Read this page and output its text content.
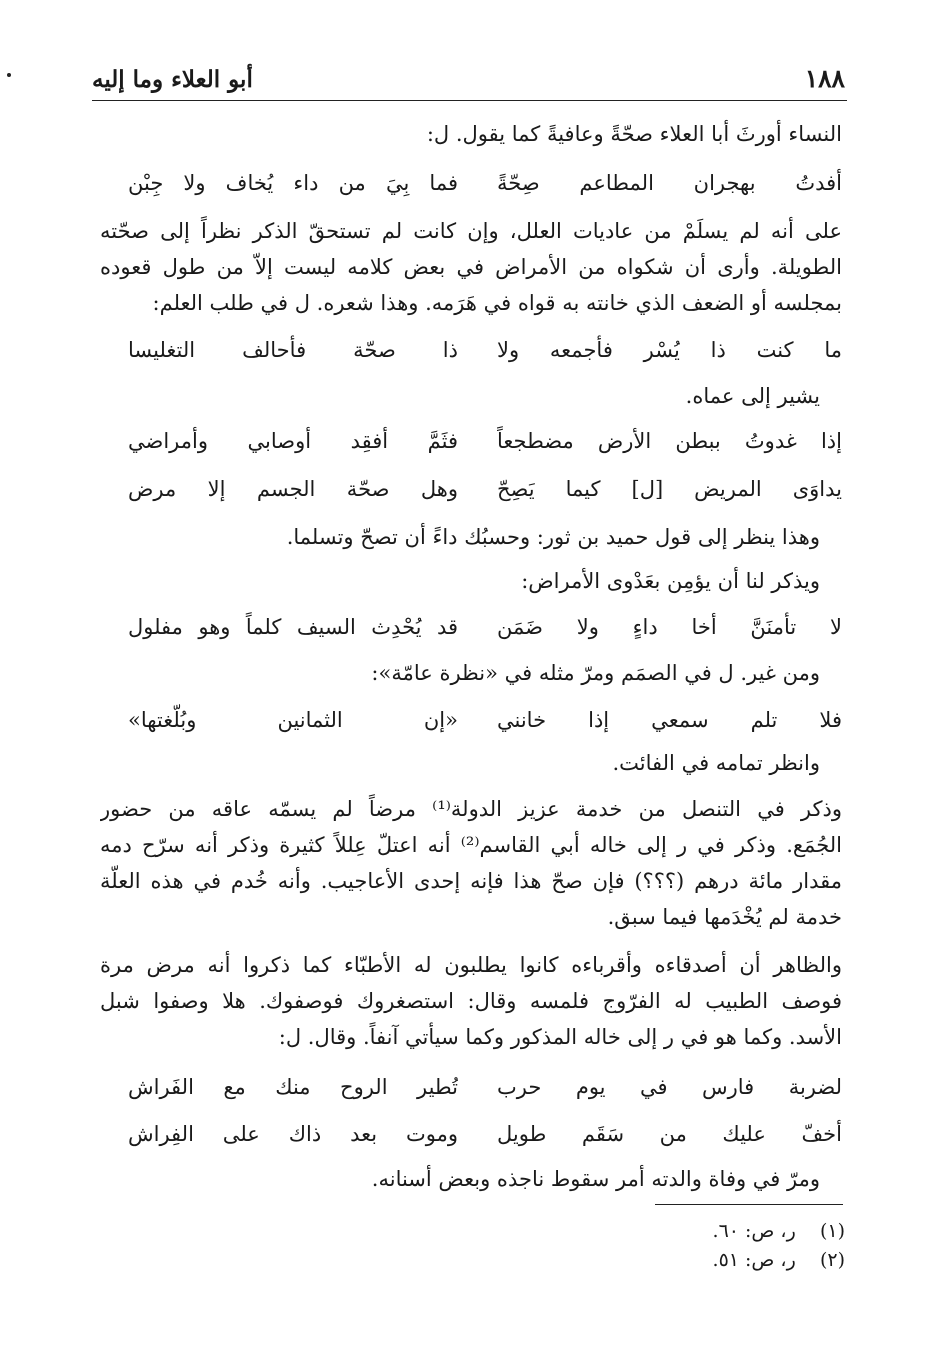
أبو العلاء وما إليه	١٨٨
النساء أورثَ أبا العلاء صحّةً وعافيةً كما يقول. ل:
أفدتُ بهجران المطاعم صِحّةً
فما بِيَ من داء يُخاف ولا جِبْن
على أنه لم يسلَمْ من عاديات العلل، وإن كانت لم تستحقّ الذكر نظراً إلى صحّته
الطويلة. وأرى أن شكواه من الأمراض في بعض كلامه ليست إلاّ من طول قعوده
بمجلسه أو الضعف الذي خانته به قواه في هَرَمه. وهذا شعره. ل في طلب العلم:
ما كنت ذا يُسْر فأجمعه ولا
ذا صحّة فأحالف التغليسا
يشير إلى عماه.
إذا غدوتُ ببطن الأرض مضطجعاً
فثَمَّ أفقِد أوصابي وأمراضي
يداوَى المريض [ل] كيما يَصِحّ
وهل صحّة الجسم إلا مرض
وهذا ينظر إلى قول حميد بن ثور: وحسبُك داءً أن تصحّ وتسلما.
ويذكر لنا أن يؤمِن بعَدْوى الأمراض:
لا تأمنَنَّ أخا داءٍ ولا ضَمَن
قد يُحْدِث السيف كلماً وهو مفلول
ومن غير. ل في الصمَم ومرّ مثله في «نظرة عامّة»:
فلا تلم سمعي إذا خانني
«إن الثمانين وبُلّغتها»
وانظر تمامه في الفائت.
وذكر في التنصل من خدمة عزيز الدولة⁽¹⁾ مرضاً لم يسمّه عاقه من حضور
الجُمَع. وذكر في ر إلى خاله أبي القاسم⁽²⁾ أنه اعتلّ عِللاً كثيرة وذكر أنه سرّح دمه
مقدار مائة درهم (؟؟؟) فإن صحّ هذا فإنه إحدى الأعاجيب. وأنه خُدم في هذه العلّة
خدمة لم يُخْدَمها فيما سبق.
والظاهر أن أصدقاءه وأقرباءه كانوا يطلبون له الأطبّاء كما ذكروا أنه مرض مرة
فوصف الطبيب له الفرّوج فلمسه وقال: استصغروك فوصفوك. هلا وصفوا شبل
الأسد. وكما هو في ر إلى خاله المذكور وكما سيأتي آنفاً. وقال. ل:
لضربة فارس في يوم حرب
تُطير الروح منك مع الفَراش
أخفّ عليك من سَقَم طويل
وموت بعد ذاك على الفِراش
ومرّ في وفاة والدته أمر سقوط ناجذه وبعض أسنانه.
(١)    ر، ص: ٦٠.
(٢)    ر، ص: ٥١.
